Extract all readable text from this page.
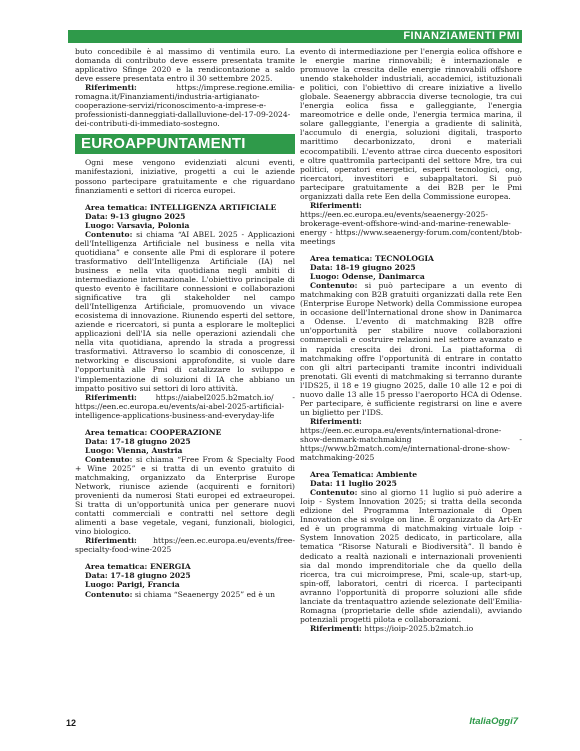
FINANZIAMENTI PMI

buto concedibile è al massimo di ventimila euro. La domanda di contributo deve essere presentata tramite applicativo Sfinge 2020 e la rendicontazione a saldo deve essere presentata entro il 30 settembre 2025.

Riferimenti:	https://imprese.regione.emilia-romagna.it/Finanziamenti/industria-artigianato-cooperazione-servizi/riconoscimento-a-imprese-e-professionisti-danneggiati-dallalluvione-del-17-09-2024-dei-contributi-di-immediato-sostegno.

EUROAPPUNTAMENTI

Ogni mese vengono evidenziati alcuni eventi, manifestazioni, iniziative, progetti a cui le aziende possono partecipare gratuitamente e che riguardano finanziamenti e settori di ricerca europei.

Area tematica: INTELLIGENZA ARTIFICIALE

Data: 9-13 giugno 2025

Luogo: Varsavia, Polonia

Contenuto: si chiama “AI ABEL 2025 - Applicazioni dell'Intelligenza Artificiale nel business e nella vita quotidiana” e consente alle Pmi di esplorare il potere trasformativo dell'Intelligenza Artificiale (IA) nel business e nella vita quotidiana negli ambiti di intermediazione internazionale. L'obiettivo principale di questo evento è facilitare connessioni e collaborazioni significative tra gli stakeholder nel campo dell'Intelligenza Artificiale, promuovendo un vivace ecosistema di innovazione. Riunendo esperti del settore, aziende e ricercatori, si punta a esplorare le molteplici applicazioni dell'IA sia nelle operazioni aziendali che nella vita quotidiana, aprendo la strada a progressi trasformativi. Attraverso lo scambio di conoscenze, il networking e discussioni approfondite, si vuole dare l'opportunità alle Pmi di catalizzare lo sviluppo e l'implementazione di soluzioni di IA che abbiano un impatto positivo sui settori di loro attività.

Riferimenti: https://aiabel2025.b2match.io/ - https://een.ec.europa.eu/events/ai-abel-2025-artificial-intelligence-applications-business-and-everyday-life

Area tematica: COOPERAZIONE

Data: 17-18 giugno 2025

Luogo: Vienna, Austria

Contenuto: si chiama “Free From & Specialty Food + Wine 2025” e si tratta di un evento gratuito di matchmaking, organizzato da Enterprise Europe Network, riunisce aziende (acquirenti e fornitori) provenienti da numerosi Stati europei ed extraeuropei. Si tratta di un'opportunità unica per generare nuovi contatti commerciali e contratti nel settore degli alimenti a base vegetale, vegani, funzionali, biologici, vino biologico.

Riferimenti: https://een.ec.europa.eu/events/free-specialty-food-wine-2025

Area tematica: ENERGIA

Data: 17-18 giugno 2025

Luogo: Parigi, Francia

Contenuto: si chiama “Seaenergy 2025” ed è un

evento di intermediazione per l'energia eolica offshore e le energie marine rinnovabili; è internazionale e promuove la crescita delle energie rinnovabili offshore unendo stakeholder industriali, accademici, istituzionali e politici, con l'obiettivo di creare iniziative a livello globale. Seaenergy abbraccia diverse tecnologie, tra cui l'energia eolica fissa e galleggiante, l'energia mareomotrice e delle onde, l'energia termica marina, il solare galleggiante, l'energia a gradiente di salinità, l'accumulo di energia, soluzioni digitali, trasporto marittimo decarbonizzato, droni e materiali ecocompatibili. L'evento attrae circa duecento espositori e oltre quattromila partecipanti del settore Mre, tra cui politici, operatori energetici, esperti tecnologici, ong, ricercatori, investitori e subappaltatori. Si può partecipare gratuitamente a dei B2B per le Pmi organizzati dalla rete Een della Commissione europea.

Riferimenti: https://een.ec.europa.eu/events/seaenergy-2025-brokerage-event-offshore-wind-and-marine-renewable-energy - https://www.seaenergy-forum.com/content/btob-meetings

Area tematica: TECNOLOGIA

Data: 18-19 giugno 2025

Luogo: Odense, Danimarca

Contenuto: si può partecipare a un evento di matchmaking con B2B gratuiti organizzati dalla rete Een (Enterprise Europe Network) della Commissione europea in occasione dell'International drone show in Danimarca a Odense. L'evento di matchmaking B2B offre un'opportunità per stabilire nuove collaborazioni commerciali e costruire relazioni nel settore avanzato e in rapida crescita dei droni. La piattaforma di matchmaking offre l'opportunità di entrare in contatto con gli altri partecipanti tramite incontri individuali prenotati. Gli eventi di matchmaking si terranno durante l'IDS25, il 18 e 19 giugno 2025, dalle 10 alle 12 e poi di nuovo dalle 13 alle 15 presso l'aeroporto HCA di Odense. Per partecipare, è sufficiente registrarsi on line e avere un biglietto per l'IDS.

Riferimenti: https://een.ec.europa.eu/events/international-drone-show-denmark-matchmaking - https://www.b2match.com/e/international-drone-show-matchmaking-2025

Area Tematica: Ambiente

Data: 11 luglio 2025

Contenuto: sino al giorno 11 luglio si può aderire a Ioip - System Innovation 2025; si tratta della seconda edizione del Programma Internazionale di Open Innovation che si svolge on line. È organizzato da Art-Er ed è un programma di matchmaking virtuale Ioip - System Innovation 2025 dedicato, in particolare, alla tematica “Risorse Naturali e Biodiversità”. Il bando è dedicato a realtà nazionali e internazionali provenienti sia dal mondo imprenditoriale che da quello della ricerca, tra cui microimprese, Pmi, scale-up, start-up, spin-off, laboratori, centri di ricerca. I partecipanti avranno l'opportunità di proporre soluzioni alle sfide lanciate da trentaquattro aziende selezionate dell'Emilia-Romagna (proprietarie delle sfide aziendali), avviando potenziali progetti pilota e collaborazioni.

Riferimenti: https://ioip-2025.b2match.io

12	ItaliaOggi7
